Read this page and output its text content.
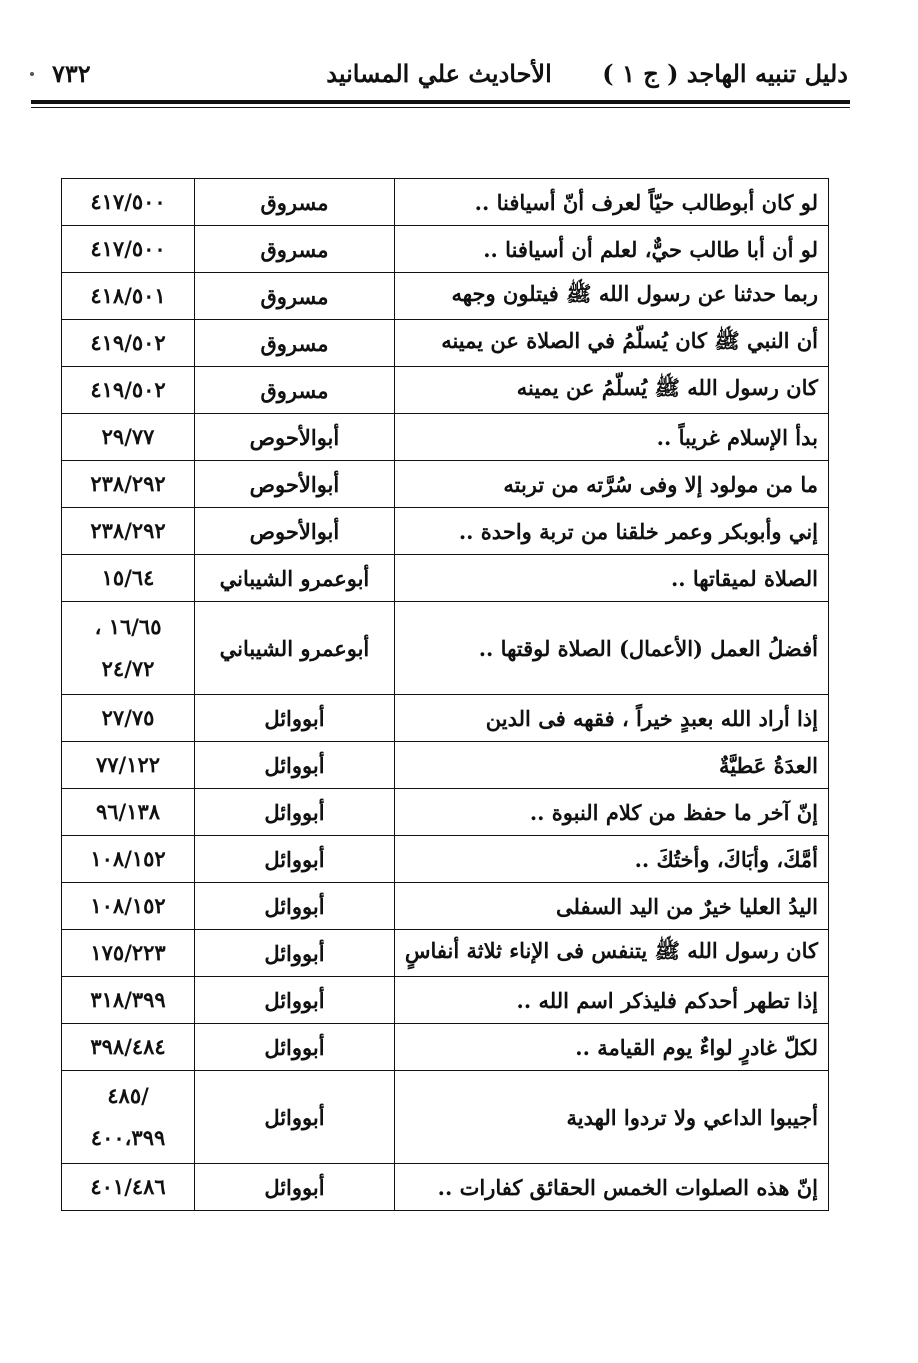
دليل تنبيه الهاجد ( ج ١ )
الأحاديث علي المسانيد
٧٣٢
لو كان أبوطالب حيّاً لعرف أنّ أسيافنا ..	مسروق	٤١٧/٥٠٠
لو أن أبا طالب حيٌّ، لعلم أن أسيافنا ..	مسروق	٤١٧/٥٠٠
ربما حدثنا عن رسول الله ﷺ فيتلون وجهه	مسروق	٤١٨/٥٠١
أن النبي ﷺ كان يُسلّمُ في الصلاة عن يمينه	مسروق	٤١٩/٥٠٢
كان رسول الله ﷺ يُسلّمُ عن يمينه	مسروق	٤١٩/٥٠٢
بدأ الإسلام غريباً ..	أبوالأحوص	٢٩/٧٧
ما من مولود إلا وفى سُرَّته من تربته	أبوالأحوص	٢٣٨/٢٩٢
إني وأبوبكر وعمر خلقنا من تربة واحدة ..	أبوالأحوص	٢٣٨/٢٩٢
الصلاة لميقاتها ..	أبوعمرو الشيباني	١٥/٦٤
أفضلُ العمل (الأعمال) الصلاة لوقتها ..	أبوعمرو الشيباني	١٦/٦٥ ،
٢٤/٧٢

إذا أراد الله بعبدٍ خيراً ، فقهه فى الدين	أبووائل	٢٧/٧٥
العدَةُ عَطيَّةٌ	أبووائل	٧٧/١٢٢
إنّ آخر ما حفظ من كلام النبوة ..	أبووائل	٩٦/١٣٨
أمَّكَ، وأبَاكَ، وأختُكَ ..	أبووائل	١٠٨/١٥٢
اليدُ العليا خيرٌ من اليد السفلى	أبووائل	١٠٨/١٥٢
كان رسول الله ﷺ يتنفس فى الإناء ثلاثة أنفاسٍ	أبووائل	١٧٥/٢٢٣
إذا تطهر أحدكم فليذكر اسم الله ..	أبووائل	٣١٨/٣٩٩
لكلّ غادرٍ لواءٌ يوم القيامة ..	أبووائل	٣٩٨/٤٨٤
أجيبوا الداعي ولا تردوا الهدية	أبووائل	/٤٨٥
٤٠٠،٣٩٩

إنّ هذه الصلوات الخمس الحقائق كفارات ..	أبووائل	٤٠١/٤٨٦
